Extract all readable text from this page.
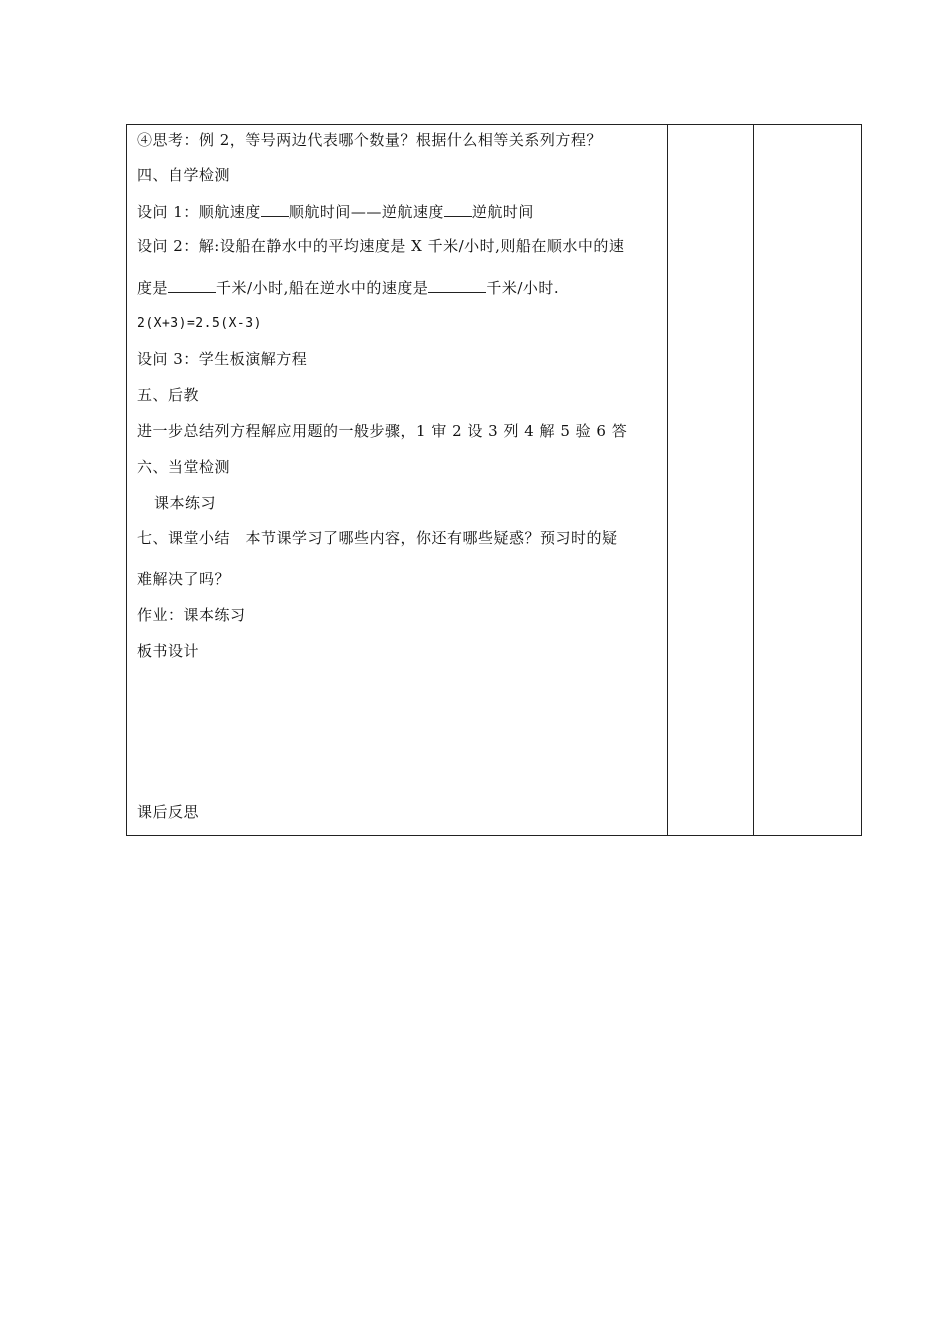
④思考：例 2，等号两边代表哪个数量？根据什么相等关系列方程？
四、自学检测
设问 1：顺航速度 顺航时间——逆航速度 逆航时间
设问 2：解:设船在静水中的平均速度是 X 千米/小时,则船在顺水中的速
度是	千米/小时,船在逆水中的速度是	千米/小时.
2(X+3)=2.5(X-3)
设问 3：学生板演解方程
五、后教
进一步总结列方程解应用题的一般步骤，1 审 2 设 3 列 4 解 5 验 6 答
六、当堂检测
课本练习
七、课堂小结　本节课学习了哪些内容，你还有哪些疑惑？预习时的疑
难解决了吗？
作业：课本练习
板书设计
课后反思
